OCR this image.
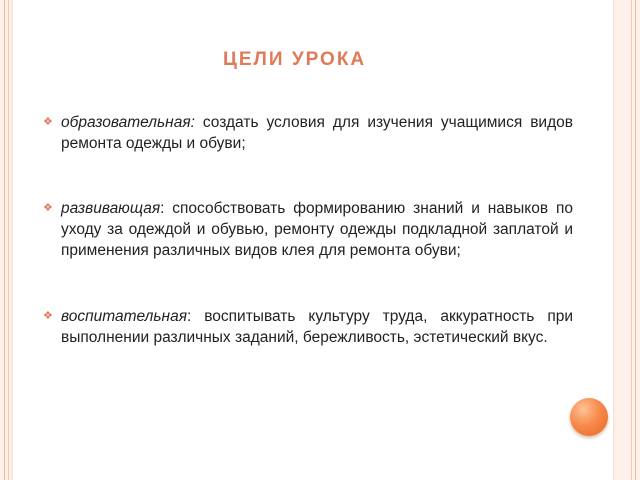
ЦЕЛИ УРОКА
❖ образовательная: создать условия для изучения учащимися видов ремонта одежды и обуви;
❖ развивающая: способствовать формированию знаний и навыков по уходу за одеждой и обувью, ремонту одежды подкладной заплатой и применения различных видов клея для ремонта обуви;
❖ воспитательная: воспитывать культуру труда, аккуратность при выполнении различных заданий, бережливость, эстетический вкус.
